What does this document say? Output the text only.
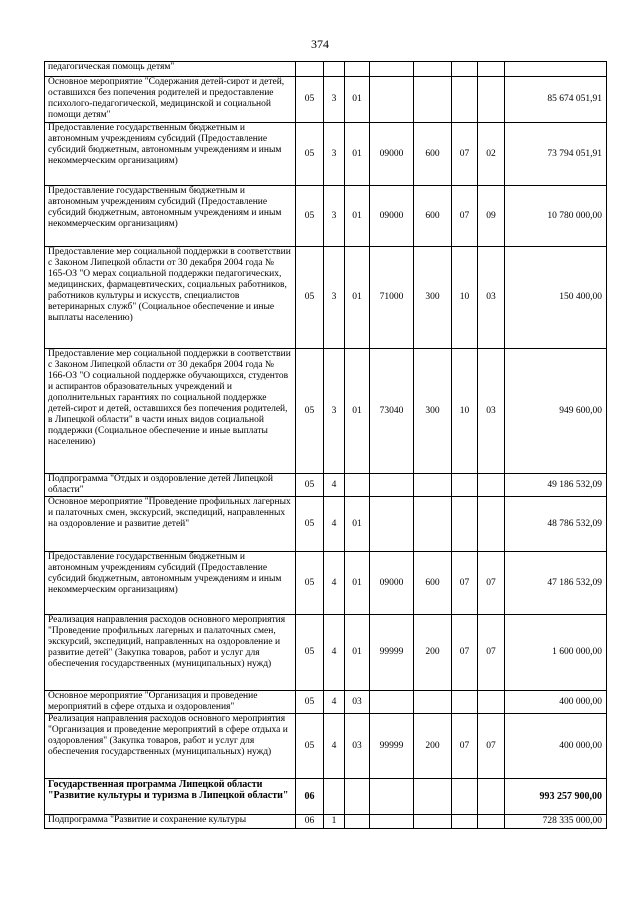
374
педагогическая помощь детям"								
Основное мероприятие "Содержания детей-сирот и детей, оставшихся без попечения родителей и предоставление психолого-педагогической, медицинской и социальной помощи детям"	05	3	01					85 674 051,91
Предоставление государственным бюджетным и автономным учреждениям субсидий (Предоставление субсидий бюджетным, автономным учреждениям и иным некоммерческим организациям)	05	3	01	09000	600	07	02	73 794 051,91
Предоставление государственным бюджетным и автономным учреждениям субсидий (Предоставление субсидий бюджетным, автономным учреждениям и иным некоммерческим организациям)	05	3	01	09000	600	07	09	10 780 000,00
Предоставление мер социальной поддержки в соответствии с Законом Липецкой области от 30 декабря 2004 года № 165-ОЗ "О мерах социальной поддержки педагогических, медицинских, фармацевтических, социальных работников, работников культуры и искусств, специалистов ветеринарных служб" (Социальное обеспечение и иные выплаты населению)	05	3	01	71000	300	10	03	150 400,00
Предоставление мер социальной поддержки в соответствии с Законом Липецкой области от 30 декабря 2004 года № 166-ОЗ "О социальной поддержке обучающихся, студентов и аспирантов образовательных учреждений и дополнительных гарантиях по социальной поддержке детей-сирот и детей, оставшихся без попечения родителей, в Липецкой области" в части иных видов социальной поддержки (Социальное обеспечение и иные выплаты населению)	05	3	01	73040	300	10	03	949 600,00
Подпрограмма "Отдых и оздоровление детей Липецкой области"	05	4						49 186 532,09
Основное мероприятие "Проведение профильных лагерных и палаточных смен, экскурсий, экспедиций, направленных на оздоровление и развитие детей"	05	4	01					48 786 532,09
Предоставление государственным бюджетным и автономным учреждениям субсидий (Предоставление субсидий бюджетным, автономным учреждениям и иным некоммерческим организациям)	05	4	01	09000	600	07	07	47 186 532,09
Реализация направления расходов основного мероприятия "Проведение профильных лагерных и палаточных смен, экскурсий, экспедиций, направленных на оздоровление и развитие детей" (Закупка товаров, работ и услуг для обеспечения государственных (муниципальных) нужд)	05	4	01	99999	200	07	07	1 600 000,00
Основное мероприятие "Организация и проведение мероприятий в сфере отдыха и оздоровления"	05	4	03					400 000,00
Реализация направления расходов основного мероприятия "Организация и проведение мероприятий в сфере отдыха и оздоровления" (Закупка товаров, работ и услуг для обеспечения государственных (муниципальных) нужд)	05	4	03	99999	200	07	07	400 000,00
Государственная программа Липецкой области "Развитие культуры и туризма в Липецкой области"	06							993 257 900,00
Подпрограмма "Развитие и сохранение культуры	06	1						728 335 000,00
